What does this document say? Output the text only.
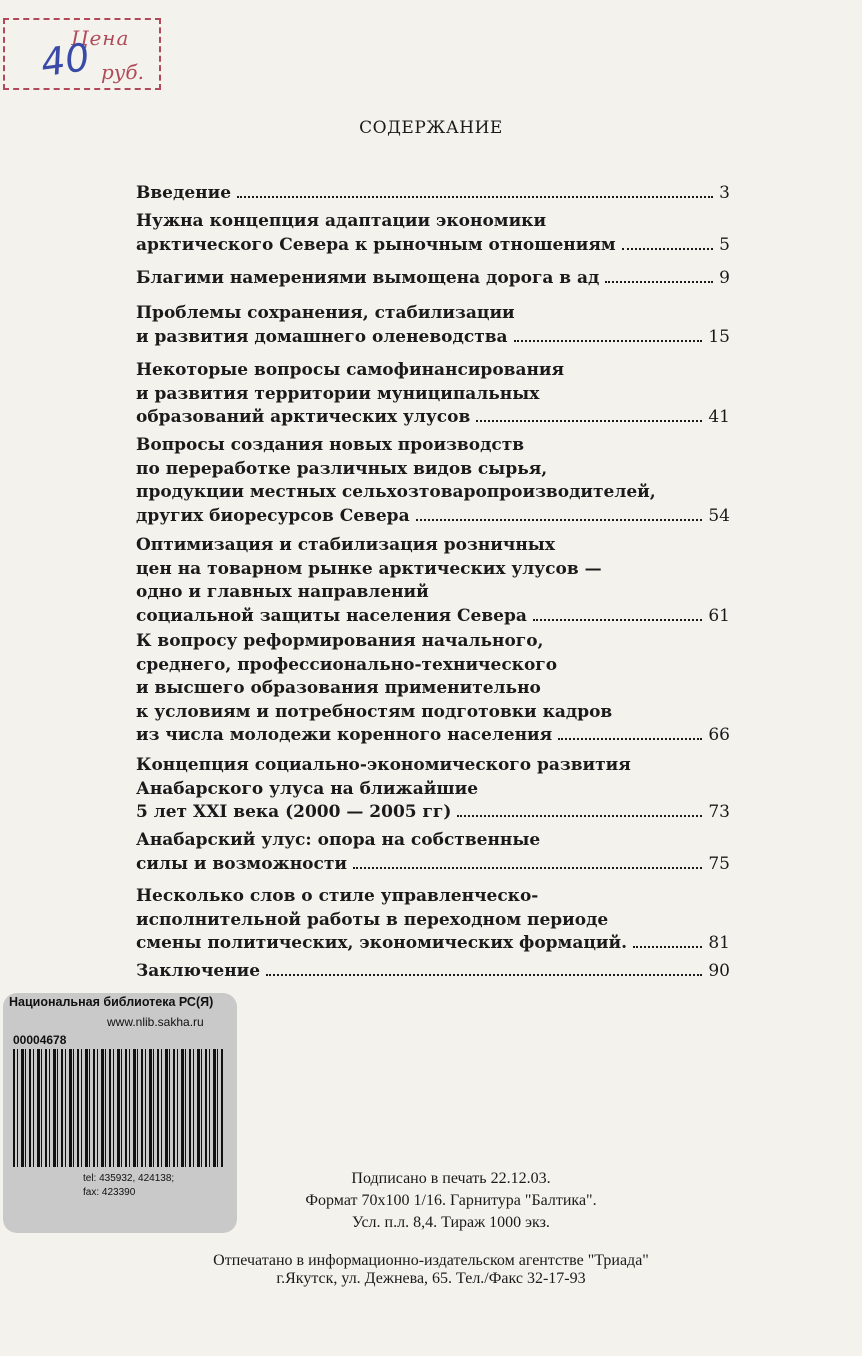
Цена
40 руб.
СОДЕРЖАНИЕ
Введение	3
Нужна концепция адаптации экономики
арктического Севера к рыночным отношениям	5
Благими намерениями вымощена дорога в ад	9
Проблемы сохранения, стабилизации
и развития домашнего оленеводства	15
Некоторые вопросы самофинансирования
и развития территории муниципальных
образований арктических улусов	41
Вопросы создания новых производств
по переработке различных видов сырья,
продукции местных сельхозтоваропроизводителей,
других биоресурсов Севера	54
Оптимизация и стабилизация розничных
цен на товарном рынке арктических улусов —
одно и главных направлений
социальной защиты населения Севера	61
К вопросу реформирования начального,
среднего, профессионально-технического
и высшего образования применительно
к условиям и потребностям подготовки кадров
из числа молодежи коренного населения	66
Концепция социально-экономического развития
Анабарского улуса на ближайшие
5 лет XXI века (2000 — 2005 гг)	73
Анабарский улус: опора на собственные
силы и возможности	75
Несколько слов о стиле управленческо-
исполнительной работы в переходном периоде
смены политических, экономических формаций.	81
Заключение	90
Национальная библиотека РС(Я)
www.nlib.sakha.ru
00004678
tel: 435932, 424138;
fax: 423390
Подписано в печать 22.12.03.
Формат 70х100 1/16. Гарнитура "Балтика".
Усл. п.л. 8,4. Тираж 1000 экз.
Отпечатано в информационно-издательском агентстве "Триада"
г.Якутск, ул. Дежнева, 65. Тел./Факс 32-17-93
